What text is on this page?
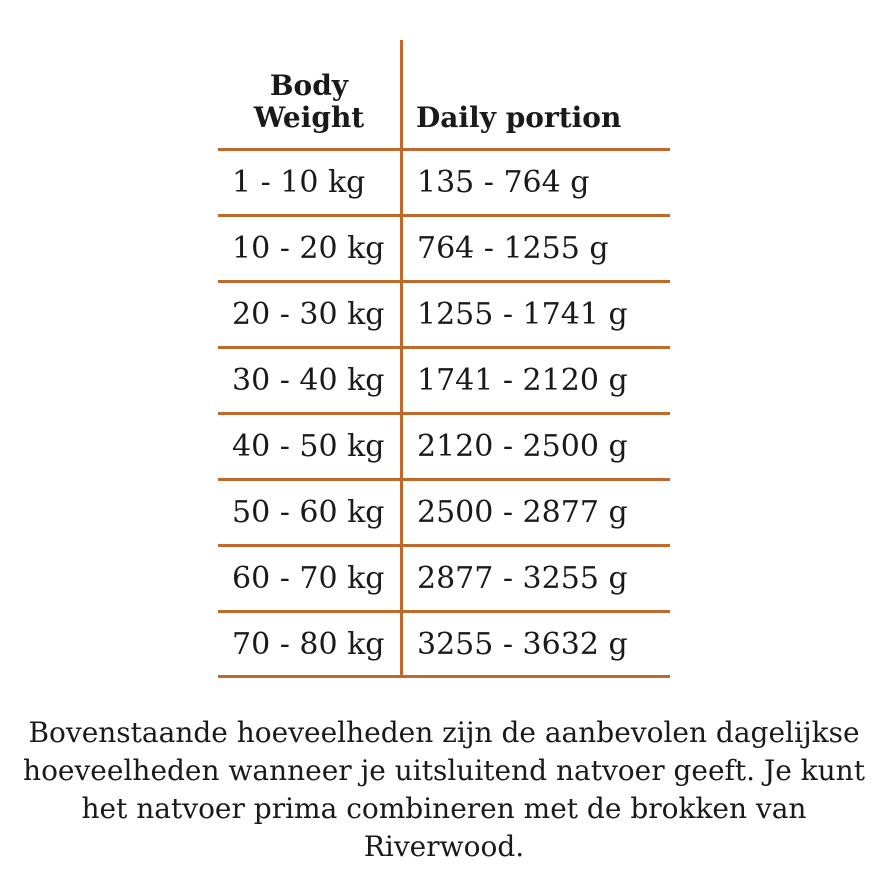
Body Weight	Daily portion
1 - 10 kg 135 - 764 g
10 - 20 kg 764 - 1255 g
20 - 30 kg 1255 - 1741 g
30 - 40 kg 1741 - 2120 g
40 - 50 kg 2120 - 2500 g
50 - 60 kg 2500 - 2877 g
60 - 70 kg 2877 - 3255 g
70 - 80 kg 3255 - 3632 g
Bovenstaande hoeveelheden zijn de aanbevolen dagelijkse hoeveelheden wanneer je uitsluitend natvoer geeft. Je kunt het natvoer prima combineren met de brokken van Riverwood.
